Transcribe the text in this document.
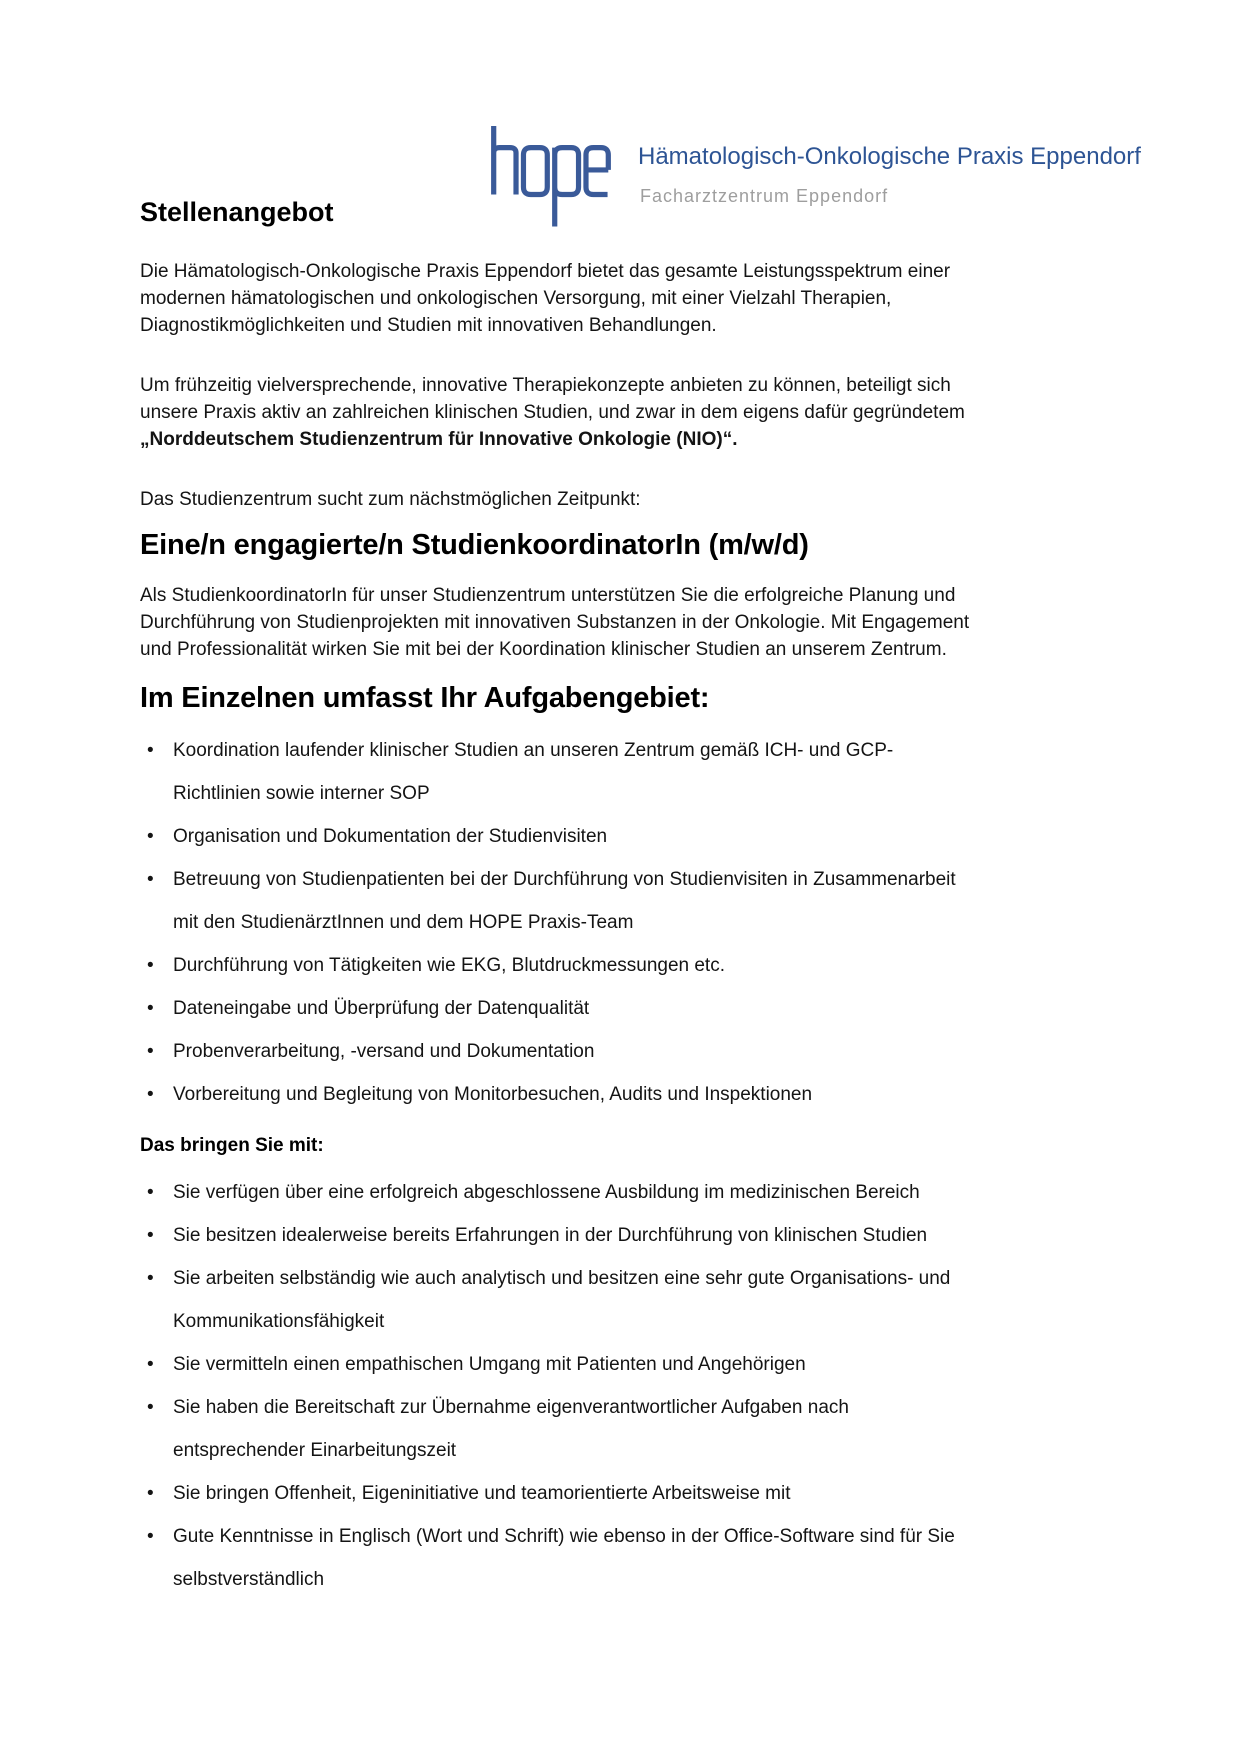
Hämatologisch-Onkologische Praxis Eppendorf
Facharztzentrum Eppendorf
Stellenangebot

Die Hämatologisch-Onkologische Praxis Eppendorf bietet das gesamte Leistungsspektrum einer modernen hämatologischen und onkologischen Versorgung, mit einer Vielzahl Therapien, Diagnostikmöglichkeiten und Studien mit innovativen Behandlungen.

Um frühzeitig vielversprechende, innovative Therapiekonzepte anbieten zu können, beteiligt sich unsere Praxis aktiv an zahlreichen klinischen Studien, und zwar in dem eigens dafür gegründetem „Norddeutschem Studienzentrum für Innovative Onkologie (NIO)“.

Das Studienzentrum sucht zum nächstmöglichen Zeitpunkt:

Eine/n engagierte/n StudienkoordinatorIn (m/w/d)

Als StudienkoordinatorIn für unser Studienzentrum unterstützen Sie die erfolgreiche Planung und Durchführung von Studienprojekten mit innovativen Substanzen in der Onkologie. Mit Engagement und Professionalität wirken Sie mit bei der Koordination klinischer Studien an unserem Zentrum.

Im Einzelnen umfasst Ihr Aufgabengebiet:
• Koordination laufender klinischer Studien an unseren Zentrum gemäß ICH- und GCP-Richtlinien sowie interner SOP
• Organisation und Dokumentation der Studienvisiten
• Betreuung von Studienpatienten bei der Durchführung von Studienvisiten in Zusammenarbeit mit den StudienärztInnen und dem HOPE Praxis-Team
• Durchführung von Tätigkeiten wie EKG, Blutdruckmessungen etc.
• Dateneingabe und Überprüfung der Datenqualität
• Probenverarbeitung, -versand und Dokumentation
• Vorbereitung und Begleitung von Monitorbesuchen, Audits und Inspektionen
Das bringen Sie mit:
• Sie verfügen über eine erfolgreich abgeschlossene Ausbildung im medizinischen Bereich
• Sie besitzen idealerweise bereits Erfahrungen in der Durchführung von klinischen Studien
• Sie arbeiten selbständig wie auch analytisch und besitzen eine sehr gute Organisations- und Kommunikationsfähigkeit
• Sie vermitteln einen empathischen Umgang mit Patienten und Angehörigen
• Sie haben die Bereitschaft zur Übernahme eigenverantwortlicher Aufgaben nach entsprechender Einarbeitungszeit
• Sie bringen Offenheit, Eigeninitiative und teamorientierte Arbeitsweise mit
• Gute Kenntnisse in Englisch (Wort und Schrift) wie ebenso in der Office-Software sind für Sie selbstverständlich
